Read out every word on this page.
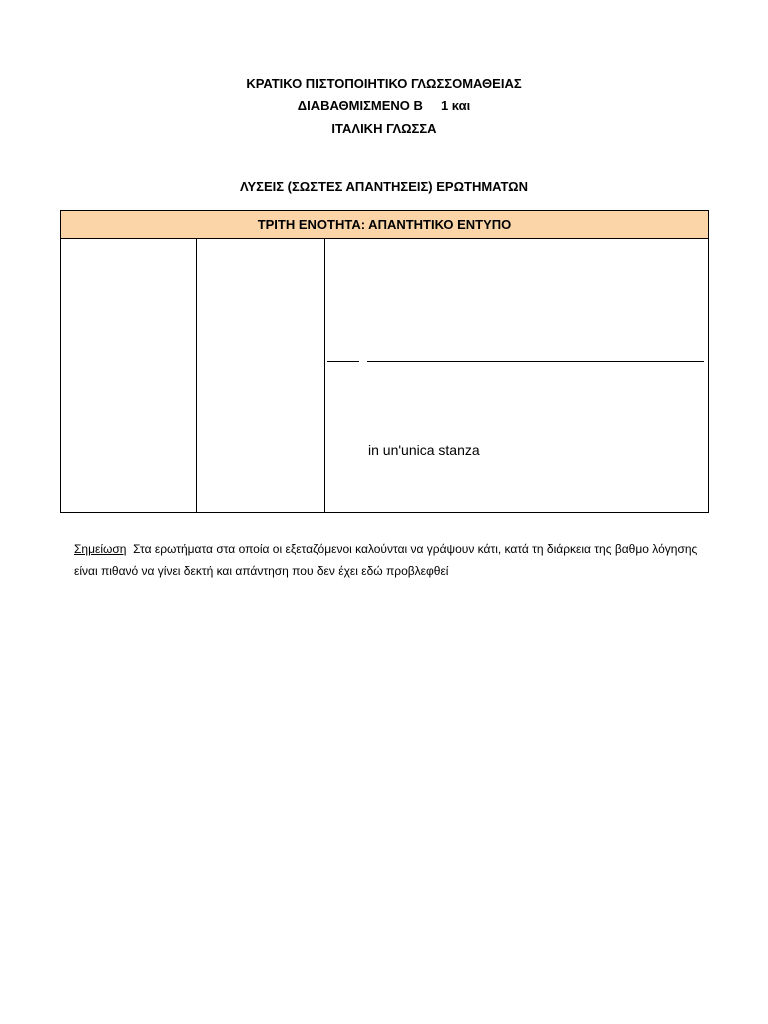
ΚΡΑΤΙΚΟ ΠΙΣΤΟΠΟΙΗΤΙΚΟ ΓΛΩΣΣΟΜΑΘΕΙΑΣ
ΔΙΑΒΑΘΜΙΣΜΕΝΟ Β     1 και
ΙΤΑΛΙΚΗ ΓΛΩΣΣΑ
ΛΥΣΕΙΣ (ΣΩΣΤΕΣ ΑΠΑΝΤΗΣΕΙΣ) ΕΡΩΤΗΜΑΤΩΝ
ΤΡΙΤΗ ΕΝΟΤΗΤΑ: ΑΠΑΝΤΗΤΙΚΟ ΕΝΤΥΠΟ
in un'unica stanza
Σημείωση Στα ερωτήματα στα οποία οι εξεταζόμενοι καλούνται να γράψουν κάτι, κατά τη διάρκεια της βαθμο λόγησης είναι πιθανό να γίνει δεκτή και απάντηση που δεν έχει εδώ προβλεφθεί
